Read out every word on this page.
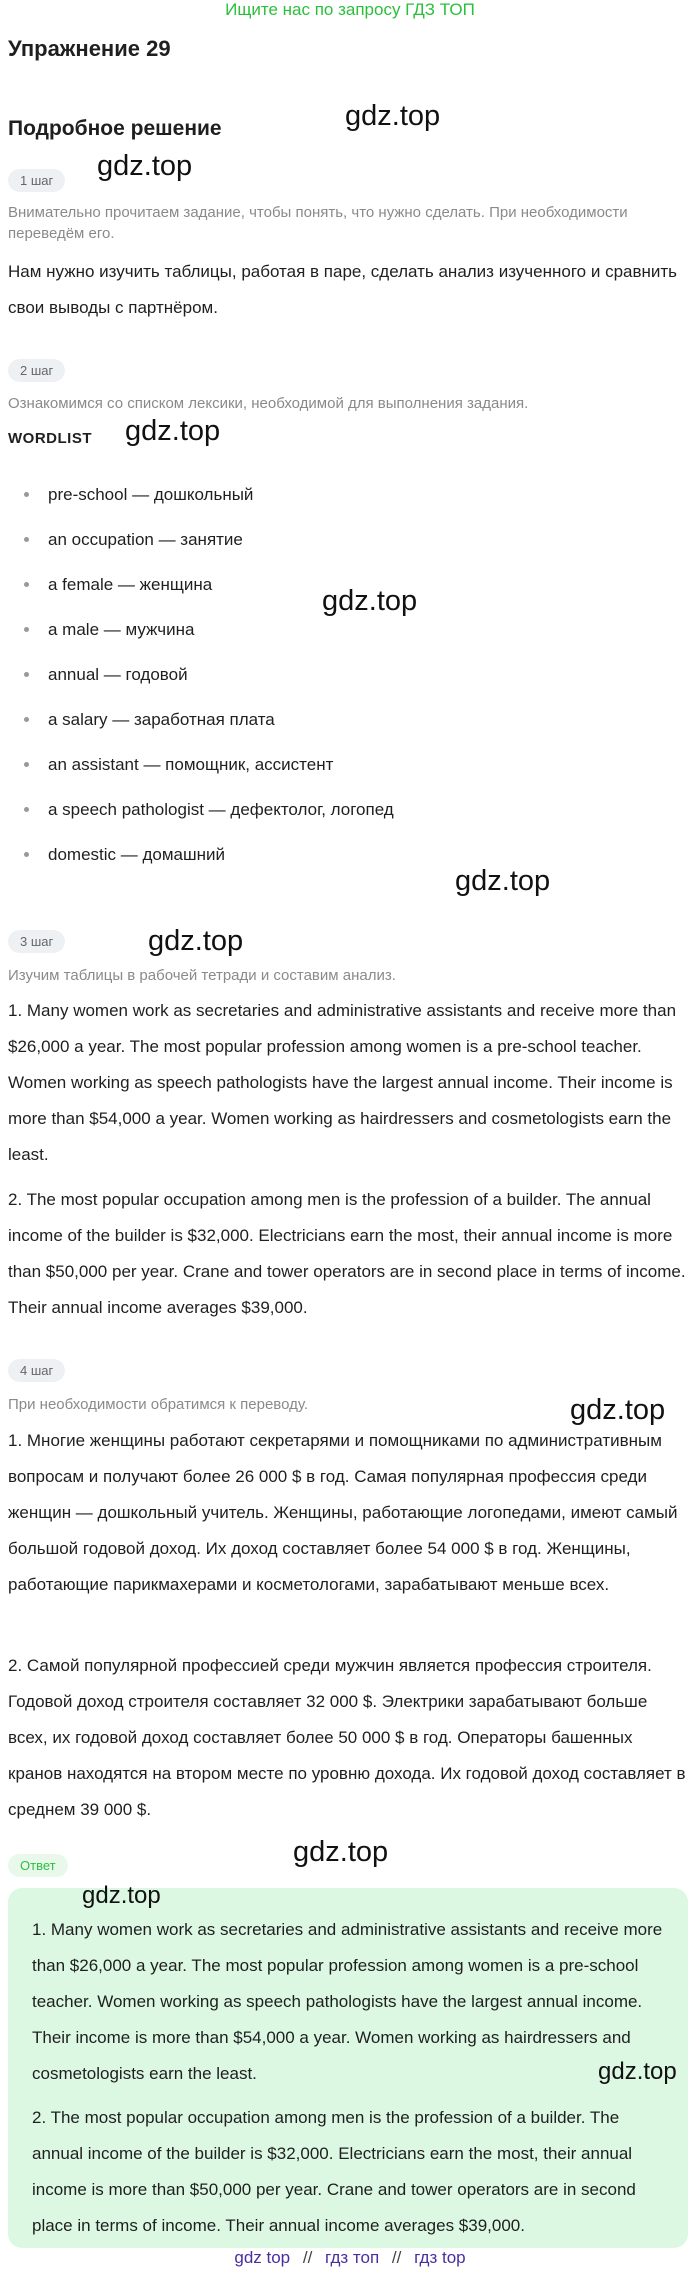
Ищите нас по запросу ГДЗ ТОП
Упражнение 29
Подробное решение	gdz.top
gdz.top
gdz.top
gdz.top
gdz.top
gdz.top
gdz.top
gdz.top
1 шаг
Внимательно прочитаем задание, чтобы понять, что нужно сделать. При необходимости переведём его.
Нам нужно изучить таблицы, работая в паре, сделать анализ изученного и сравнить свои выводы с партнёром.
2 шаг
Ознакомимся со списком лексики, необходимой для выполнения задания.
WORDLIST
pre-school — дошкольный
an occupation — занятие
a female — женщина
a male — мужчина
annual — годовой
a salary — заработная плата
an assistant — помощник, ассистент
a speech pathologist — дефектолог, логопед
domestic — домашний
3 шаг
Изучим таблицы в рабочей тетради и составим анализ.
1. Many women work as secretaries and administrative assistants and receive more than $26,000 a year. The most popular profession among women is a pre-school teacher. Women working as speech pathologists have the largest annual income. Their income is more than $54,000 a year. Women working as hairdressers and cosmetologists earn the least.
2. The most popular occupation among men is the profession of a builder. The annual income of the builder is $32,000. Electricians earn the most, their annual income is more than $50,000 per year. Crane and tower operators are in second place in terms of income. Their annual income averages $39,000.
4 шаг
При необходимости обратимся к переводу.
1. Многие женщины работают секретарями и помощниками по административным вопросам и получают более 26 000 $ в год. Самая популярная профессия среди женщин — дошкольный учитель. Женщины, работающие логопедами, имеют самый большой годовой доход. Их доход составляет более 54 000 $ в год. Женщины, работающие парикмахерами и косметологами, зарабатывают меньше всех.
2. Самой популярной профессией среди мужчин является профессия строителя. Годовой доход строителя составляет 32 000 $. Электрики зарабатывают больше всех, их годовой доход составляет более 50 000 $ в год. Операторы башенных кранов находятся на втором месте по уровню дохода. Их годовой доход составляет в среднем 39 000 $.
Ответ
gdz.top
gdz.top
1. Many women work as secretaries and administrative assistants and receive more than $26,000 a year. The most popular profession among women is a pre-school teacher. Women working as speech pathologists have the largest annual income. Their income is more than $54,000 a year. Women working as hairdressers and cosmetologists earn the least.
2. The most popular occupation among men is the profession of a builder. The annual income of the builder is $32,000. Electricians earn the most, their annual income is more than $50,000 per year. Crane and tower operators are in second place in terms of income. Their annual income averages $39,000.
gdz top // гдз топ // гдз top
